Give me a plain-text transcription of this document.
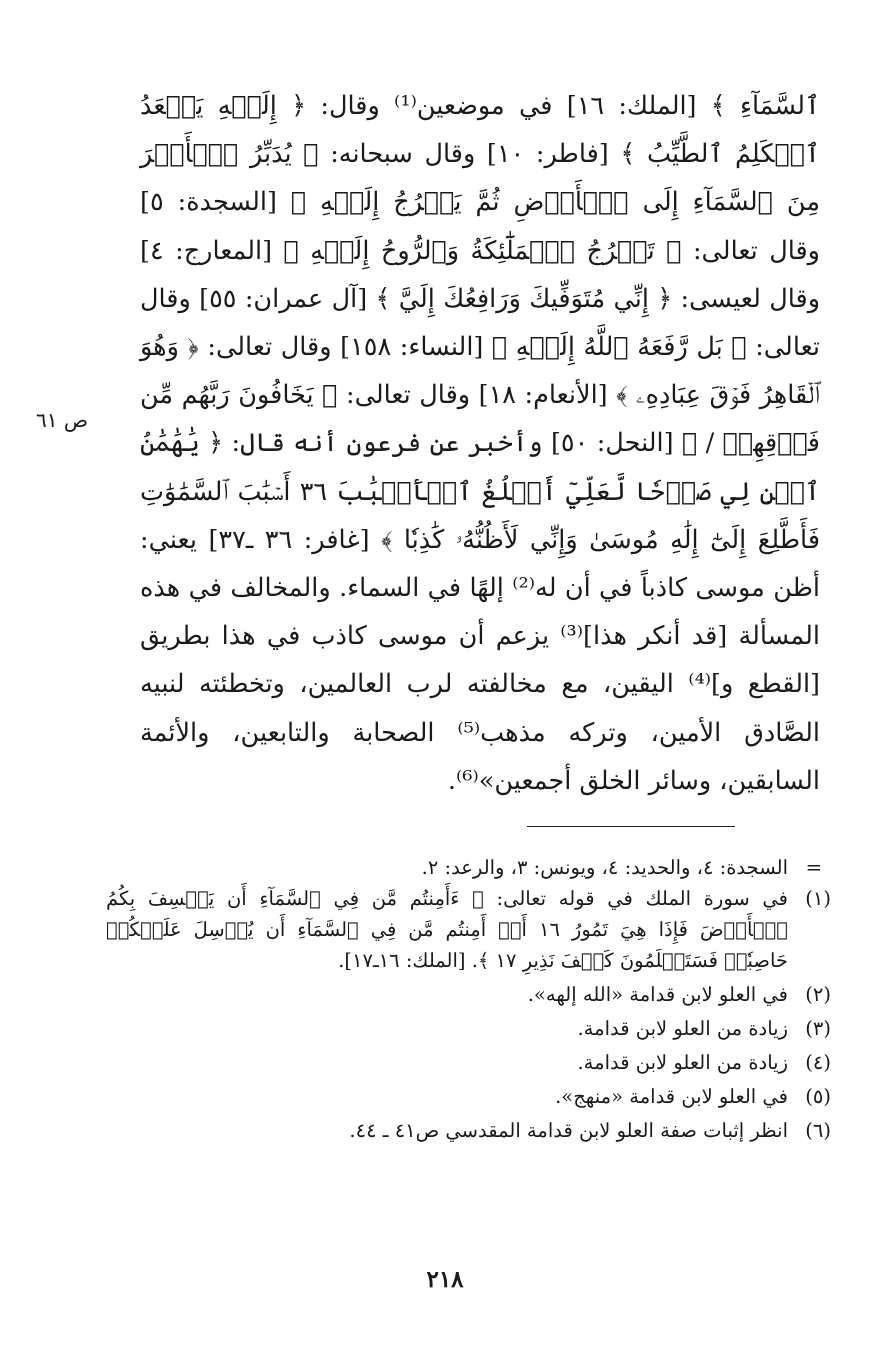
ٱلسَّمَآءِ ﴾ [الملك: ١٦] في موضعين⁽¹⁾ وقال: ﴿ إِلَيۡهِ يَصۡعَدُ ٱلۡكَلِمُ ٱلطَّيِّبُ ﴾ [فاطر: ١٠] وقال سبحانه: ﴿ يُدَبِّرُ ٱلۡأَمۡرَ مِنَ ٱلسَّمَآءِ إِلَى ٱلۡأَرۡضِ ثُمَّ يَعۡرُجُ إِلَيۡهِ ﴾ [السجدة: ٥] وقال تعالى: ﴿ تَعۡرُجُ ٱلۡمَلَٰٓئِكَةُ وَٱلرُّوحُ إِلَيۡهِ ﴾ [المعارج: ٤] وقال لعيسى: ﴿ إِنِّي مُتَوَفِّيكَ وَرَافِعُكَ إِلَيَّ ﴾ [آل عمران: ٥٥] وقال تعالى: ﴿ بَل رَّفَعَهُ ٱللَّهُ إِلَيۡهِ ﴾ [النساء: ١٥٨] وقال تعالى: ﴿ وَهُوَ ٱلۡقَاهِرُ فَوۡقَ عِبَادِهِۦ ﴾ [الأنعام: ١٨] وقال تعالى: ﴿ يَخَافُونَ رَبَّهُم مِّن فَوۡقِهِمۡ / ﴾ [النحل: ٥٠] وأخبر عن فرعون أنه قال: ﴿ يَٰهَٰمَٰنُ ٱبۡنِ لِي صَرۡحٗا لَّعَلِّيٓ أَبۡلُغُ ٱلۡأَسۡبَٰبَ ٣٦ أَسۡبَٰبَ ٱلسَّمَٰوَٰتِ فَأَطَّلِعَ إِلَىٰٓ إِلَٰهِ مُوسَىٰ وَإِنِّي لَأَظُنُّهُۥ كَٰذِبٗا ﴾ [غافر: ٣٦ ـ٣٧] يعني: أظن موسى كاذباً في أن له⁽²⁾ إلهًا في السماء. والمخالف في هذه المسألة [قد أنكر هذا]⁽³⁾ يزعم أن موسى كاذب في هذا بطريق [القطع و]⁽⁴⁾ اليقين، مع مخالفته لرب العالمين، وتخطئته لنبيه الصَّادق الأمين، وتركه مذهب⁽⁵⁾ الصحابة والتابعين، والأئمة السابقين، وسائر الخلق أجمعين»⁽⁶⁾.
ص ٦١
=
السجدة: ٤، والحديد: ٤، ويونس: ٣، والرعد: ٢.
(١)
في سورة الملك في قوله تعالى: ﴿ ءَأَمِنتُم مَّن فِي ٱلسَّمَآءِ أَن يَخۡسِفَ بِكُمُ ٱلۡأَرۡضَ فَإِذَا هِيَ تَمُورُ ١٦ أَمۡ أَمِنتُم مَّن فِي ٱلسَّمَآءِ أَن يُرۡسِلَ عَلَيۡكُمۡ حَاصِبٗاۖ فَسَتَعۡلَمُونَ كَيۡفَ نَذِيرِ ١٧ ﴾. [الملك: ١٦ـ١٧].
(٢)
في العلو لابن قدامة «الله إلهه».
(٣)
زيادة من العلو لابن قدامة.
(٤)
زيادة من العلو لابن قدامة.
(٥)
في العلو لابن قدامة «منهج».
(٦)
انظر إثبات صفة العلو لابن قدامة المقدسي ص٤١ ـ ٤٤.
٢١٨
